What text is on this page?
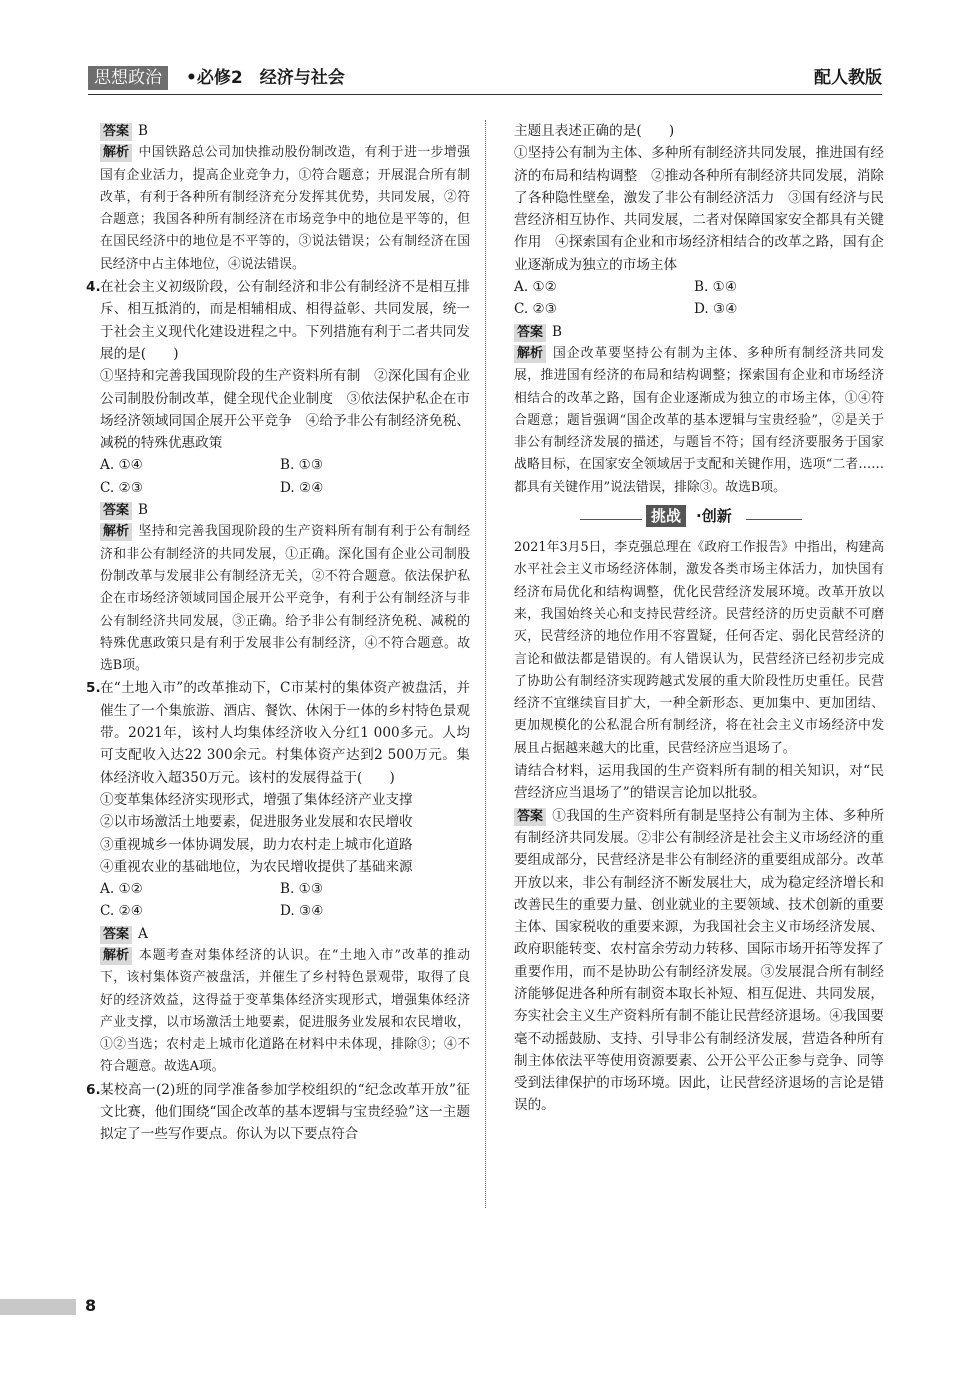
思想政治	•必修2　经济与社会	配人教版
答案 B
解析 中国铁路总公司加快推动股份制改造，有利于进一步增强国有企业活力，提高企业竞争力，①符合题意；开展混合所有制改革，有利于各种所有制经济充分发挥其优势，共同发展，②符合题意；我国各种所有制经济在市场竞争中的地位是平等的，但在国民经济中的地位是不平等的，③说法错误；公有制经济在国民经济中占主体地位，④说法错误。
4. 在社会主义初级阶段，公有制经济和非公有制经济不是相互排斥、相互抵消的，而是相辅相成、相得益彰、共同发展，统一于社会主义现代化建设进程之中。下列措施有利于二者共同发展的是(　　)
①坚持和完善我国现阶段的生产资料所有制　②深化国有企业公司制股份制改革，健全现代企业制度　③依法保护私企在市场经济领域同国企展开公平竞争　④给予非公有制经济免税、减税的特殊优惠政策
A. ①④	B. ①③
C. ②③	D. ②④
答案 B
解析 坚持和完善我国现阶段的生产资料所有制有利于公有制经济和非公有制经济的共同发展，①正确。深化国有企业公司制股份制改革与发展非公有制经济无关，②不符合题意。依法保护私企在市场经济领域同国企展开公平竞争，有利于公有制经济与非公有制经济共同发展，③正确。给予非公有制经济免税、减税的特殊优惠政策只是有利于发展非公有制经济，④不符合题意。故选B项。
5. 在“土地入市”的改革推动下，C市某村的集体资产被盘活，并催生了一个集旅游、酒店、餐饮、休闲于一体的乡村特色景观带。2021年，该村人均集体经济收入分红1 000多元。人均可支配收入达22 300余元。村集体资产达到2 500万元。集体经济收入超350万元。该村的发展得益于(　　)
①变革集体经济实现形式，增强了集体经济产业支撑
②以市场激活土地要素，促进服务业发展和农民增收
③重视城乡一体协调发展，助力农村走上城市化道路
④重视农业的基础地位，为农民增收提供了基础来源
A. ①②	B. ①③
C. ②④	D. ③④
答案 A
解析 本题考查对集体经济的认识。在“土地入市”改革的推动下，该村集体资产被盘活，并催生了乡村特色景观带，取得了良好的经济效益，这得益于变革集体经济实现形式，增强集体经济产业支撑，以市场激活土地要素，促进服务业发展和农民增收，①②当选；农村走上城市化道路在材料中未体现，排除③；④不符合题意。故选A项。
6. 某校高一(2)班的同学准备参加学校组织的“纪念改革开放”征文比赛，他们围绕“国企改革的基本逻辑与宝贵经验”这一主题拟定了一些写作要点。你认为以下要点符合
主题且表述正确的是(　　)
①坚持公有制为主体、多种所有制经济共同发展，推进国有经济的布局和结构调整　②推动各种所有制经济共同发展，消除了各种隐性壁垒，激发了非公有制经济活力　③国有经济与民营经济相互协作、共同发展，二者对保障国家安全都具有关键作用　④探索国有企业和市场经济相结合的改革之路，国有企业逐渐成为独立的市场主体
A. ①②	B. ①④
C. ②③	D. ③④
答案 B
解析 国企改革要坚持公有制为主体、多种所有制经济共同发展，推进国有经济的布局和结构调整；探索国有企业和市场经济相结合的改革之路，国有企业逐渐成为独立的市场主体，①④符合题意；题旨强调“国企改革的基本逻辑与宝贵经验”，②是关于非公有制经济发展的描述，与题旨不符；国有经济要服务于国家战略目标，在国家安全领域居于支配和关键作用，选项“二者……都具有关键作用”说法错误，排除③。故选B项。
挑战 ·创新
2021年3月5日，李克强总理在《政府工作报告》中指出，构建高水平社会主义市场经济体制，激发各类市场主体活力，加快国有经济布局优化和结构调整，优化民营经济发展环境。改革开放以来，我国始终关心和支持民营经济。民营经济的历史贡献不可磨灭，民营经济的地位作用不容置疑，任何否定、弱化民营经济的言论和做法都是错误的。有人错误认为，民营经济已经初步完成了协助公有制经济实现跨越式发展的重大阶段性历史重任。民营经济不宜继续盲目扩大，一种全新形态、更加集中、更加团结、更加规模化的公私混合所有制经济，将在社会主义市场经济中发展且占据越来越大的比重，民营经济应当退场了。
请结合材料，运用我国的生产资料所有制的相关知识，对“民营经济应当退场了”的错误言论加以批驳。
答案 ①我国的生产资料所有制是坚持公有制为主体、多种所有制经济共同发展。②非公有制经济是社会主义市场经济的重要组成部分，民营经济是非公有制经济的重要组成部分。改革开放以来，非公有制经济不断发展壮大，成为稳定经济增长和改善民生的重要力量、创业就业的主要领域、技术创新的重要主体、国家税收的重要来源，为我国社会主义市场经济发展、政府职能转变、农村富余劳动力转移、国际市场开拓等发挥了重要作用，而不是协助公有制经济发展。③发展混合所有制经济能够促进各种所有制资本取长补短、相互促进、共同发展，夯实社会主义生产资料所有制不能让民营经济退场。④我国要毫不动摇鼓励、支持、引导非公有制经济发展，营造各种所有制主体依法平等使用资源要素、公开公平公正参与竞争、同等受到法律保护的市场环境。因此，让民营经济退场的言论是错误的。
8
